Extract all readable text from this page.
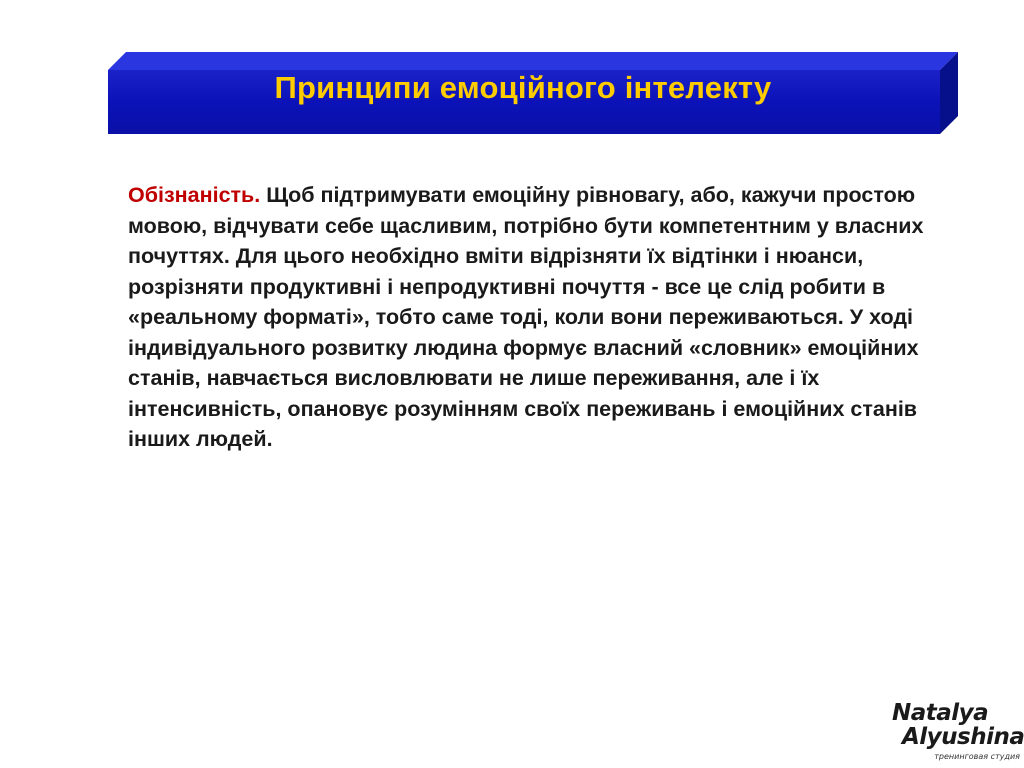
Принципи емоційного інтелекту
Обізнаність. Щоб підтримувати емоційну рівновагу, або, кажучи простою мовою, відчувати себе щасливим, потрібно бути компетентним у власних почуттях. Для цього необхідно вміти відрізняти їх відтінки і нюанси, розрізняти продуктивні і непродуктивні почуття - все це слід робити в «реальному форматі», тобто саме тоді, коли вони переживаються. У ході індивідуального розвитку людина формує власний «словник» емоційних станів, навчається висловлювати не лише переживання, але і їх інтенсивність, опановує розумінням своїх переживань і емоційних станів інших людей.
Natalya
Alyushina
тренинговая студия
